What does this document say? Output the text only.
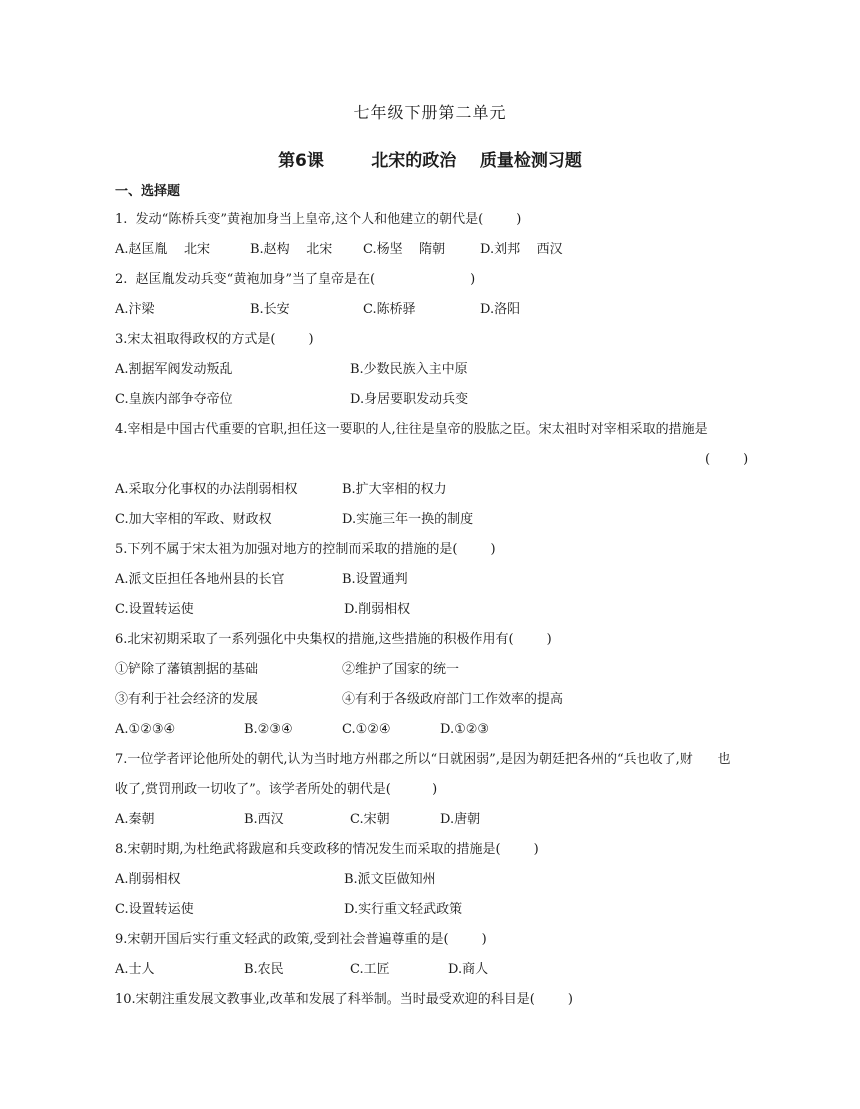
七年级下册第二单元
第6课        北宋的政治    质量检测习题
一、选择题
1.  发动“陈桥兵变”黄袍加身当上皇帝,这个人和他建立的朝代是(        )
A.赵匡胤    北宋	B.赵构    北宋 C.杨坚    隋朝	D.刘邦    西汉
2.  赵匡胤发动兵变“黄袍加身”当了皇帝是在(                       )
A.汴梁	B.长安	C.陈桥驿	D.洛阳
3.宋太祖取得政权的方式是(        )
A.割据军阀发动叛乱	B.少数民族入主中原
C.皇族内部争夺帝位	D.身居要职发动兵变
4.宰相是中国古代重要的官职,担任这一要职的人,往往是皇帝的股肱之臣。宋太祖时对宰相采取的措施是
(        )
A.采取分化事权的办法削弱相权	B.扩大宰相的权力
C.加大宰相的军政、财政权	D.实施三年一换的制度
5.下列不属于宋太祖为加强对地方的控制而采取的措施的是(        )
A.派文臣担任各地州县的长官	B.设置通判
C.设置转运使	D.削弱相权
6.北宋初期采取了一系列强化中央集权的措施,这些措施的积极作用有(        )
①铲除了藩镇割据的基础	②维护了国家的统一
③有利于社会经济的发展	④有利于各级政府部门工作效率的提高
A.①②③④	B.②③④	C.①②④	D.①②③
7.一位学者评论他所处的朝代,认为当时地方州郡之所以“日就困弱”,是因为朝廷把各州的“兵也收了,财      也
收了,赏罚刑政一切收了”。该学者所处的朝代是(          )
A.秦朝	B.西汉	C.宋朝	D.唐朝
8.宋朝时期,为杜绝武将跋扈和兵变政移的情况发生而采取的措施是(        )
A.削弱相权	B.派文臣做知州
C.设置转运使	D.实行重文轻武政策
9.宋朝开国后实行重文轻武的政策,受到社会普遍尊重的是(        )
A.士人	B.农民	C.工匠	D.商人
10.宋朝注重发展文教事业,改革和发展了科举制。当时最受欢迎的科目是(        )
